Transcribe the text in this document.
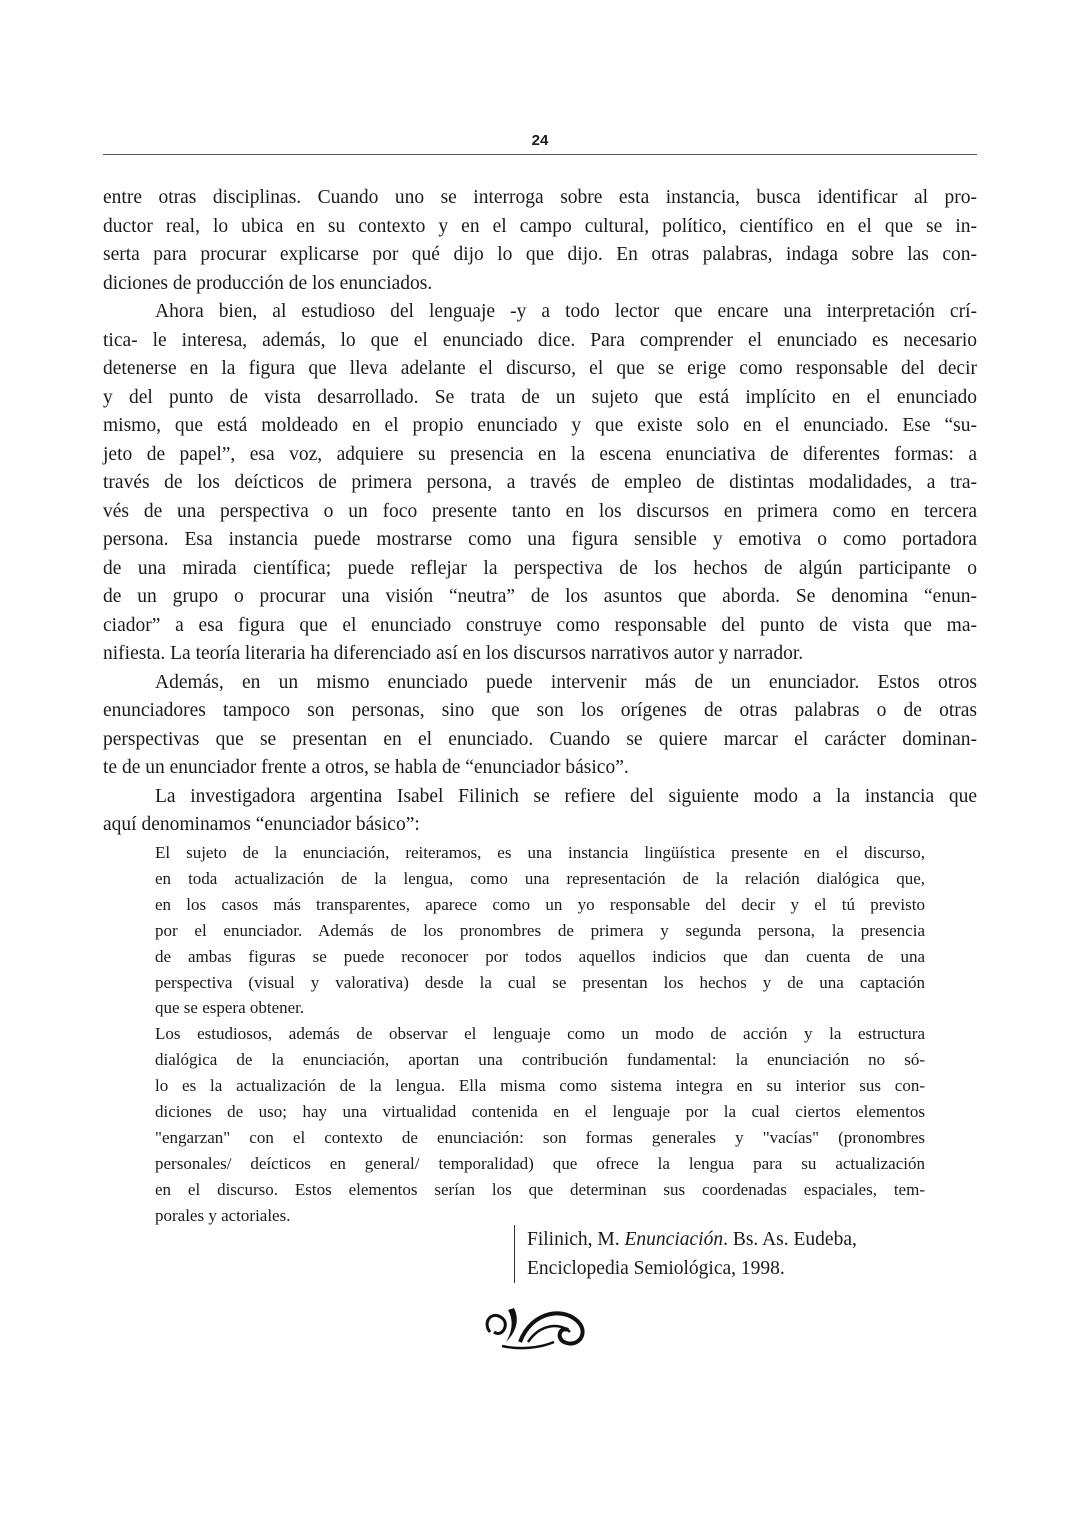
24
entre otras disciplinas. Cuando uno se interroga sobre esta instancia, busca identificar al pro-
ductor real, lo ubica en su contexto y en el campo cultural, político, científico en el que se in-
serta para procurar explicarse por qué dijo lo que dijo. En otras palabras, indaga sobre las con-
diciones de producción de los enunciados.
Ahora bien, al estudioso del lenguaje -y a todo lector que encare una interpretación crí-
tica- le interesa, además, lo que el enunciado dice. Para comprender el enunciado es necesario
detenerse en la figura que lleva adelante el discurso, el que se erige como responsable del decir
y del punto de vista desarrollado. Se trata de un sujeto que está implícito en el enunciado
mismo, que está moldeado en el propio enunciado y que existe solo en el enunciado. Ese “su-
jeto de papel”, esa voz, adquiere su presencia en la escena enunciativa de diferentes formas: a
través de los deícticos de primera persona, a través de empleo de distintas modalidades, a tra-
vés de una perspectiva o un foco presente tanto en los discursos en primera como en tercera
persona. Esa instancia puede mostrarse como una figura sensible y emotiva o como portadora
de una mirada científica; puede reflejar la perspectiva de los hechos de algún participante o
de un grupo o procurar una visión “neutra” de los asuntos que aborda. Se denomina “enun-
ciador” a esa figura que el enunciado construye como responsable del punto de vista que ma-
nifiesta. La teoría literaria ha diferenciado así en los discursos narrativos autor y narrador.
Además, en un mismo enunciado puede intervenir más de un enunciador. Estos otros
enunciadores tampoco son personas, sino que son los orígenes de otras palabras o de otras
perspectivas que se presentan en el enunciado. Cuando se quiere marcar el carácter dominan-
te de un enunciador frente a otros, se habla de “enunciador básico”.
La investigadora argentina Isabel Filinich se refiere del siguiente modo a la instancia que
aquí denominamos “enunciador básico”:
El sujeto de la enunciación, reiteramos, es una instancia lingüística presente en el discurso,
en toda actualización de la lengua, como una representación de la relación dialógica que,
en los casos más transparentes, aparece como un yo responsable del decir y el tú previsto
por el enunciador. Además de los pronombres de primera y segunda persona, la presencia
de ambas figuras se puede reconocer por todos aquellos indicios que dan cuenta de una
perspectiva (visual y valorativa) desde la cual se presentan los hechos y de una captación
que se espera obtener.
Los estudiosos, además de observar el lenguaje como un modo de acción y la estructura
dialógica de la enunciación, aportan una contribución fundamental: la enunciación no só-
lo es la actualización de la lengua. Ella misma como sistema integra en su interior sus con-
diciones de uso; hay una virtualidad contenida en el lenguaje por la cual ciertos elementos
"engarzan" con el contexto de enunciación: son formas generales y "vacías" (pronombres
personales/ deícticos en general/ temporalidad) que ofrece la lengua para su actualización
en el discurso. Estos elementos serían los que determinan sus coordenadas espaciales, tem-
porales y actoriales.
Filinich, M. Enunciación. Bs. As. Eudeba,
Enciclopedia Semiológica, 1998.
